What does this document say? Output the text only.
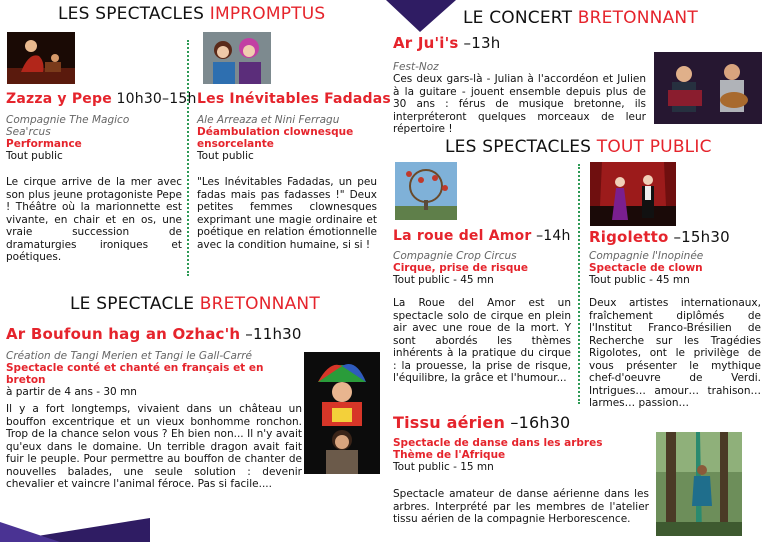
LES SPECTACLES IMPROMPTUS
Zazza y Pepe 10h30–15h
Compagnie The Magico
Sea'rcus
Performance
Tout public
Le cirque arrive de la mer avec son plus jeune protagoniste Pepe ! Théâtre où la marionnette est vivante, en chair et en os, une vraie succession de dramaturgies ironiques et poétiques.
Les Inévitables Fadadas
Ale Arreaza et Nini Ferragu
Déambulation clownesque
ensorcelante
Tout public
"Les Inévitables Fadadas, un peu fadas mais pas fadasses !" Deux petites femmes clownesques exprimant une magie ordinaire et poétique en relation émotionnelle avec la condition humaine, si si !
LE SPECTACLE BRETONNANT
Ar Boufoun hag an Ozhac'h –11h30
Création de Tangi Merien et Tangi le Gall-Carré
Spectacle conté et chanté en français et en breton
à partir de 4 ans - 30 mn
Il y a fort longtemps, vivaient dans un château un bouffon excentrique et un vieux bonhomme ronchon. Trop de la chance selon vous ? Eh bien non... Il n'y avait qu'eux dans le domaine. Un terrible dragon avait fait fuir le peuple. Pour permettre au bouffon de chanter de nouvelles balades, une seule solution : devenir chevalier et vaincre l'animal féroce. Pas si facile....
LE CONCERT BRETONNANT
Ar Ju'i's –13h
Fest-Noz
Ces deux gars-là - Julian à l'accordéon et Julien à la guitare - jouent ensemble depuis plus de 30 ans : férus de musique bretonne, ils interpréteront quelques morceaux de leur répertoire !
LES SPECTACLES TOUT PUBLIC
La roue del Amor –14h
Compagnie Crop Circus
Cirque, prise de risque
Tout public - 45 mn
La Roue del Amor est un spectacle solo de cirque en plein air avec une roue de la mort. Y sont abordés les thèmes inhérents à la pratique du cirque : la prouesse, la prise de risque, l'équilibre, la grâce et l'humour...
Rigoletto –15h30
Compagnie l'Inopinée
Spectacle de clown
Tout public - 45 mn
Deux artistes internationaux, fraîchement diplômés de l'Institut Franco-Brésilien de Recherche sur les Tragédies Rigolotes, ont le privilège de vous présenter le mythique chef-d'oeuvre de Verdi. Intrigues… amour… trahison… larmes… passion…
Tissu aérien –16h30
Spectacle de danse dans les arbres
Thème de l'Afrique
Tout public - 15 mn
Spectacle amateur de danse aérienne dans les arbres. Interprété par les membres de l'atelier tissu aérien de la compagnie Herborescence.
